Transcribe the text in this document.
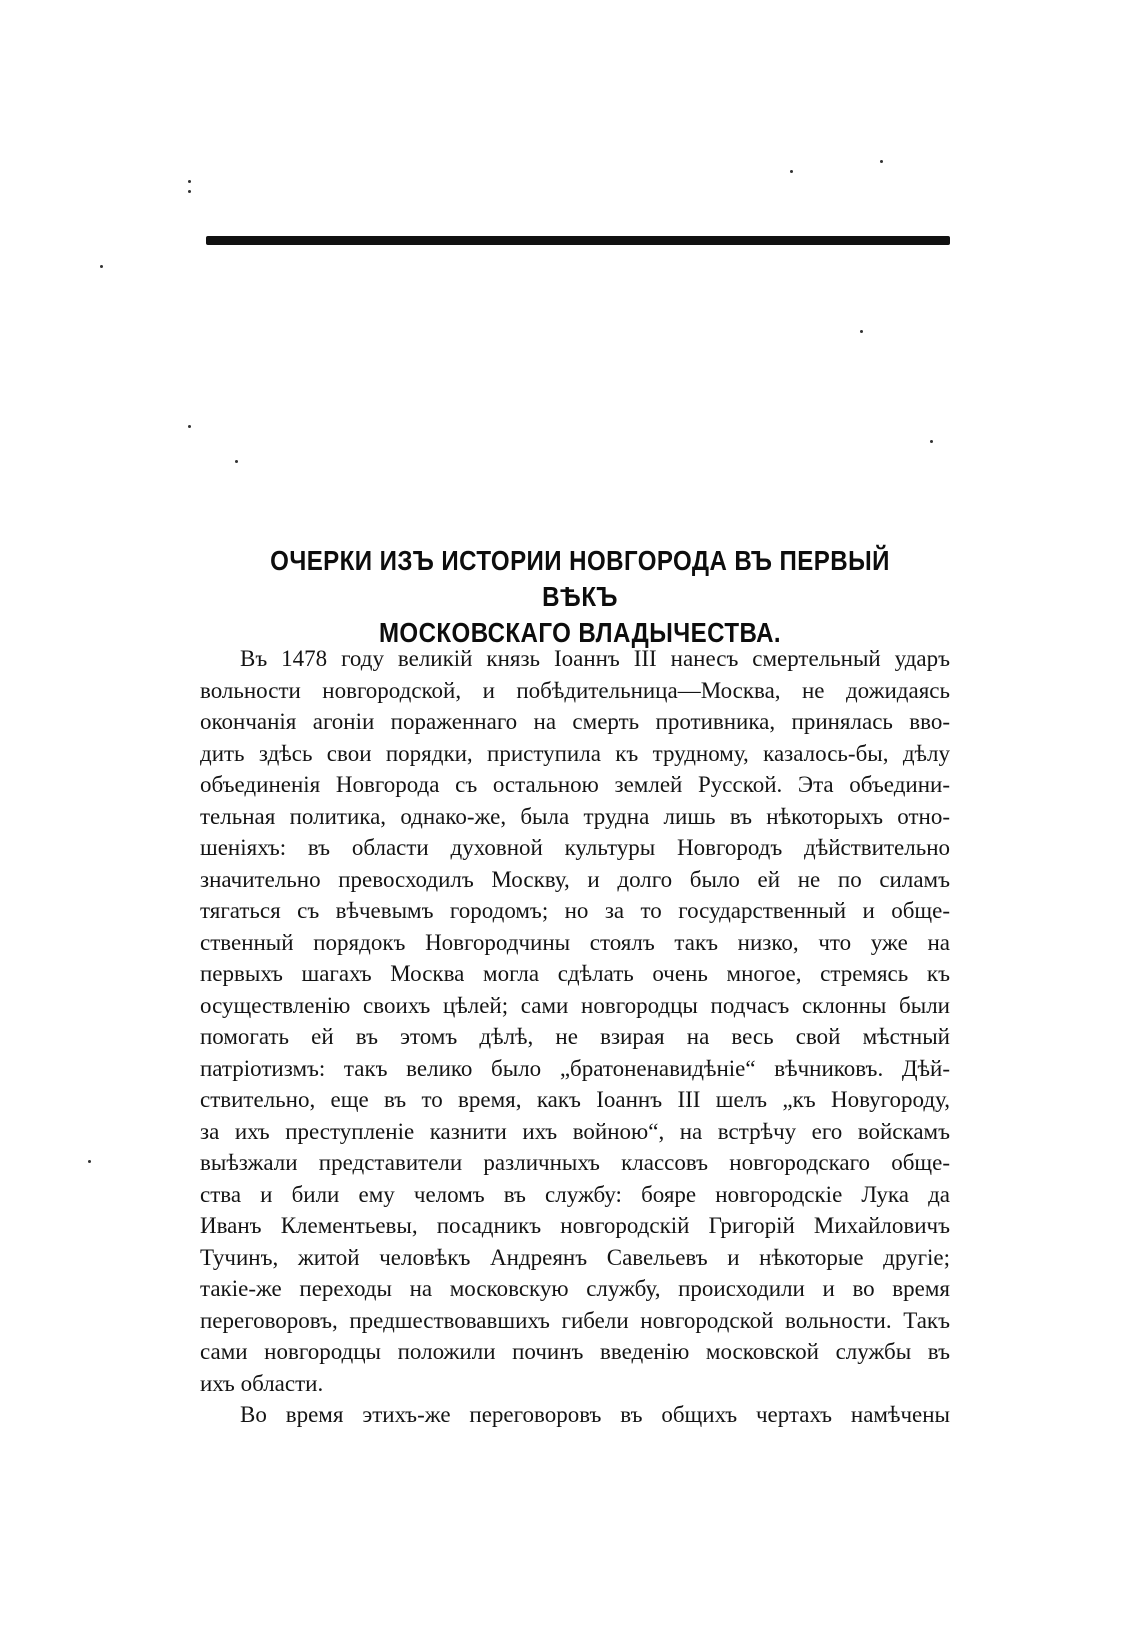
ОЧЕРКИ ИЗЪ ИСТОРИИ НОВГОРОДА ВЪ ПЕРВЫЙ ВѢКЪ
МОСКОВСКАГО ВЛАДЫЧЕСТВА.
Въ 1478 году великій князь Іоаннъ III нанесъ смертельный ударъ
вольности новгородской, и побѣдительница—Москва, не дожидаясь
окончанія агоніи пораженнаго на смерть противника, принялась вво-
дить здѣсь свои порядки, приступила къ трудному, казалось-бы, дѣлу
объединенія Новгорода съ остальною землей Русской. Эта объедини-
тельная политика, однако-же, была трудна лишь въ нѣкоторыхъ отно-
шеніяхъ: въ области духовной культуры Новгородъ дѣйствительно
значительно превосходилъ Москву, и долго было ей не по силамъ
тягаться съ вѣчевымъ городомъ; но за то государственный и обще-
ственный порядокъ Новгородчины стоялъ такъ низко, что уже на
первыхъ шагахъ Москва могла сдѣлать очень многое, стремясь къ
осуществленію своихъ цѣлей; сами новгородцы подчасъ склонны были
помогать ей въ этомъ дѣлѣ, не взирая на весь свой мѣстный
патріотизмъ: такъ велико было „братоненавидѣніе“ вѣчниковъ. Дѣй-
ствительно, еще въ то время, какъ Іоаннъ III шелъ „къ Новугороду,
за ихъ преступленіе казнити ихъ войною“, на встрѣчу его войскамъ
выѣзжали представители различныхъ классовъ новгородскаго обще-
ства и били ему челомъ въ службу: бояре новгородскіе Лука да
Иванъ Клементьевы, посадникъ новгородскій Григорій Михайловичъ
Тучинъ, житой человѣкъ Андреянъ Савельевъ и нѣкоторые другіе;
такіе-же переходы на московскую службу, происходили и во время
переговоровъ, предшествовавшихъ гибели новгородской вольности. Такъ
сами новгородцы положили починъ введенію московской службы въ
ихъ области.
Во время этихъ-же переговоровъ въ общихъ чертахъ намѣчены
